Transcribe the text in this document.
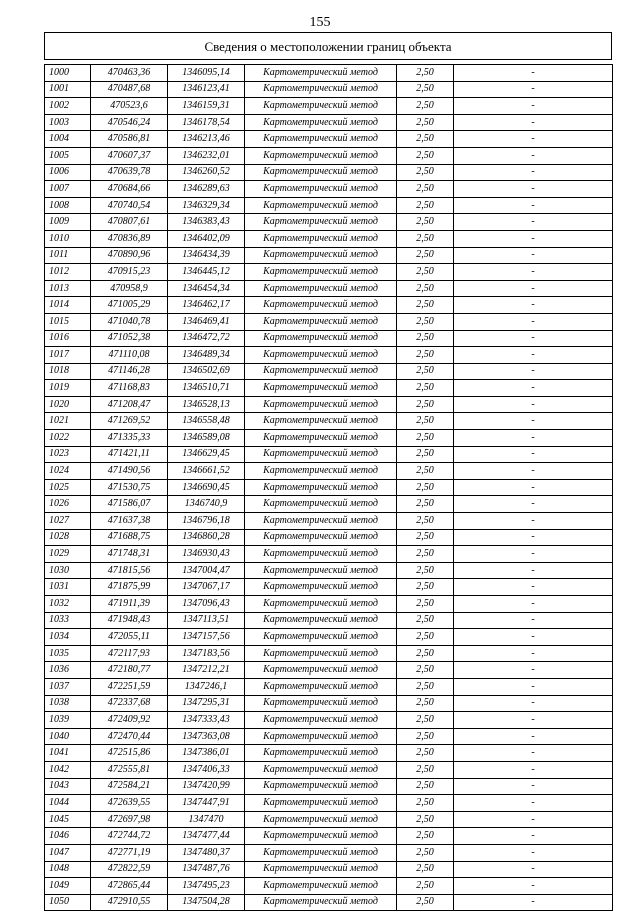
155
Сведения о местоположении границ объекта
1000	470463,36	1346095,14	Картометрический метод	2,50	-
1001	470487,68	1346123,41	Картометрический метод	2,50	-
1002	470523,6	1346159,31	Картометрический метод	2,50	-
1003	470546,24	1346178,54	Картометрический метод	2,50	-
1004	470586,81	1346213,46	Картометрический метод	2,50	-
1005	470607,37	1346232,01	Картометрический метод	2,50	-
1006	470639,78	1346260,52	Картометрический метод	2,50	-
1007	470684,66	1346289,63	Картометрический метод	2,50	-
1008	470740,54	1346329,34	Картометрический метод	2,50	-
1009	470807,61	1346383,43	Картометрический метод	2,50	-
1010	470836,89	1346402,09	Картометрический метод	2,50	-
1011	470890,96	1346434,39	Картометрический метод	2,50	-
1012	470915,23	1346445,12	Картометрический метод	2,50	-
1013	470958,9	1346454,34	Картометрический метод	2,50	-
1014	471005,29	1346462,17	Картометрический метод	2,50	-
1015	471040,78	1346469,41	Картометрический метод	2,50	-
1016	471052,38	1346472,72	Картометрический метод	2,50	-
1017	471110,08	1346489,34	Картометрический метод	2,50	-
1018	471146,28	1346502,69	Картометрический метод	2,50	-
1019	471168,83	1346510,71	Картометрический метод	2,50	-
1020	471208,47	1346528,13	Картометрический метод	2,50	-
1021	471269,52	1346558,48	Картометрический метод	2,50	-
1022	471335,33	1346589,08	Картометрический метод	2,50	-
1023	471421,11	1346629,45	Картометрический метод	2,50	-
1024	471490,56	1346661,52	Картометрический метод	2,50	-
1025	471530,75	1346690,45	Картометрический метод	2,50	-
1026	471586,07	1346740,9	Картометрический метод	2,50	-
1027	471637,38	1346796,18	Картометрический метод	2,50	-
1028	471688,75	1346860,28	Картометрический метод	2,50	-
1029	471748,31	1346930,43	Картометрический метод	2,50	-
1030	471815,56	1347004,47	Картометрический метод	2,50	-
1031	471875,99	1347067,17	Картометрический метод	2,50	-
1032	471911,39	1347096,43	Картометрический метод	2,50	-
1033	471948,43	1347113,51	Картометрический метод	2,50	-
1034	472055,11	1347157,56	Картометрический метод	2,50	-
1035	472117,93	1347183,56	Картометрический метод	2,50	-
1036	472180,77	1347212,21	Картометрический метод	2,50	-
1037	472251,59	1347246,1	Картометрический метод	2,50	-
1038	472337,68	1347295,31	Картометрический метод	2,50	-
1039	472409,92	1347333,43	Картометрический метод	2,50	-
1040	472470,44	1347363,08	Картометрический метод	2,50	-
1041	472515,86	1347386,01	Картометрический метод	2,50	-
1042	472555,81	1347406,33	Картометрический метод	2,50	-
1043	472584,21	1347420,99	Картометрический метод	2,50	-
1044	472639,55	1347447,91	Картометрический метод	2,50	-
1045	472697,98	1347470	Картометрический метод	2,50	-
1046	472744,72	1347477,44	Картометрический метод	2,50	-
1047	472771,19	1347480,37	Картометрический метод	2,50	-
1048	472822,59	1347487,76	Картометрический метод	2,50	-
1049	472865,44	1347495,23	Картометрический метод	2,50	-
1050	472910,55	1347504,28	Картометрический метод	2,50	-
